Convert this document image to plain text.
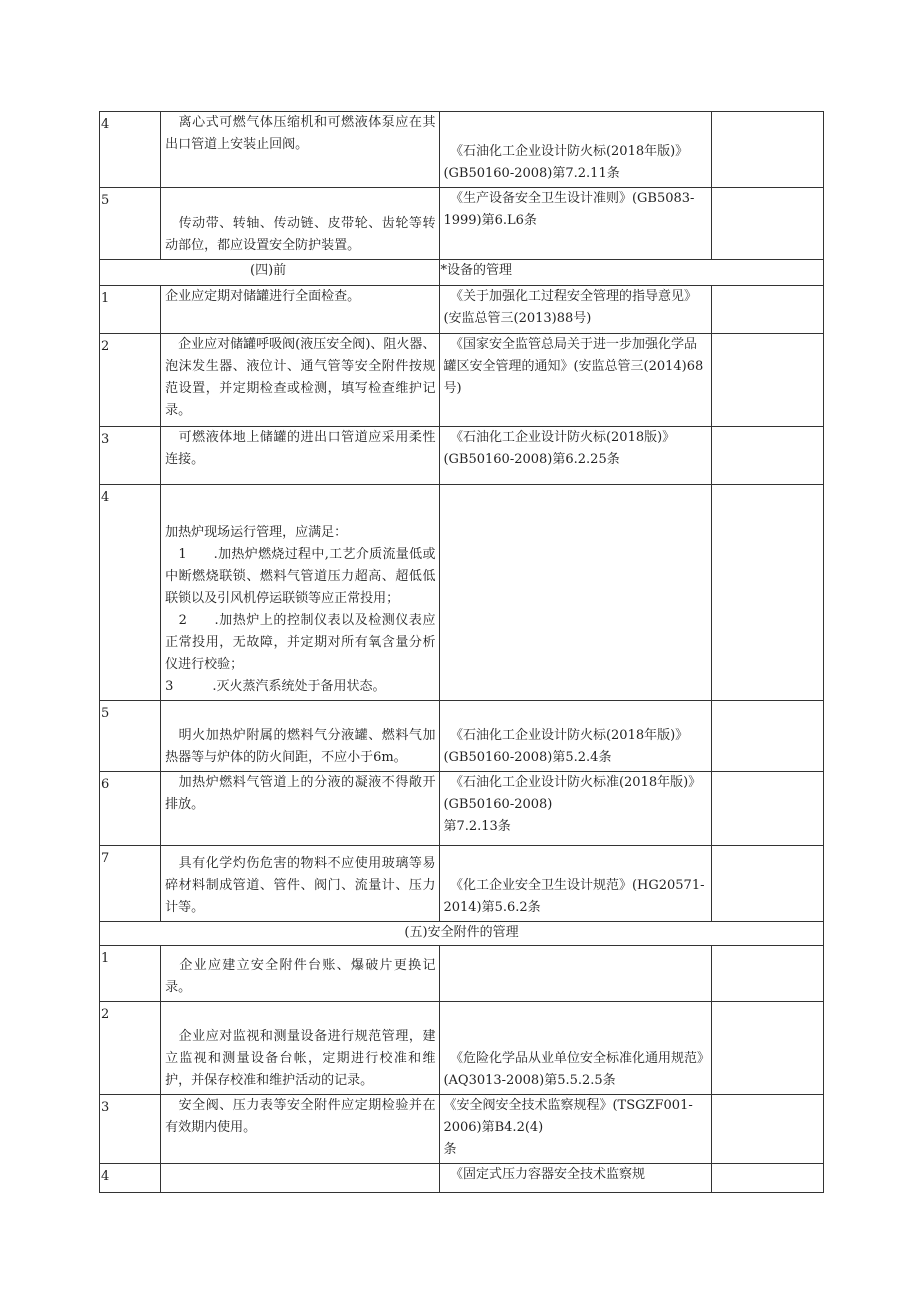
4	　离心式可燃气体压缩机和可燃液体泵应在其出口管道上安装止回阀。	　《石油化工企业设计防火标(2018年版)》(GB50160-2008)第7.2.11条	

5	　传动带、转轴、传动链、皮带轮、齿轮等转动部位，都应设置安全防护装置。	　《生产设备安全卫生设计准则》(GB5083-1999)第6.L6条	

(四)前		*设备的管理	

1	企业应定期对储罐进行全面检查。	　《关于加强化工过程安全管理的指导意见》(安监总管三(2013)88号)	

2	　企业应对储罐呼吸阀(液压安全阀)、阻火器、泡沫发生器、液位计、通气管等安全附件按规范设置，并定期检查或检测，填写检查维护记录。	　《国家安全监管总局关于进一步加强化学品罐区安全管理的通知》(安监总管三(2014)68号)	

3	　可燃液体地上储罐的进出口管道应采用柔性连接。	　《石油化工企业设计防火标(2018版)》(GB50160-2008)第6.2.25条	

4	加热炉现场运行管理，应满足：
　1　　.加热炉燃烧过程中,工艺介质流量低或中断燃烧联锁、燃料气管道压力超高、超低低联锁以及引风机停运联锁等应正常投用；
　2　　.加热炉上的控制仪表以及检测仪表应正常投用，无故障，并定期对所有氧含量分析仪进行校验；
3　　　.灭火蒸汽系统处于备用状态。		

5	　明火加热炉附属的燃料气分液罐、燃料气加热器等与炉体的防火间距，不应小于6m。	　《石油化工企业设计防火标(2018年版)》(GB50160-2008)第5.2.4条	

6	　加热炉燃料气管道上的分液的凝液不得敞开排放。	　《石油化工企业设计防火标准(2018年版)》(GB50160-2008)
第7.2.13条	

7	　具有化学灼伤危害的物料不应使用玻璃等易碎材料制成管道、管件、阀门、流量计、压力计等。	　《化工企业安全卫生设计规范》(HG20571-2014)第5.6.2条	

(五)安全附件的管理			

1	　企业应建立安全附件台账、爆破片更换记录。		

2	　企业应对监视和测量设备进行规范管理，建立监视和测量设备台帐，定期进行校准和维护，并保存校准和维护活动的记录。	　《危险化学品从业单位安全标准化通用规范》(AQ3013-2008)第5.5.2.5条	

3	　安全阀、压力表等安全附件应定期检验并在有效期内使用。	《安全阀安全技术监察规程》(TSGZF001-2006)第B4.2(4)
条	

4		　《固定式压力容器安全技术监察规	
